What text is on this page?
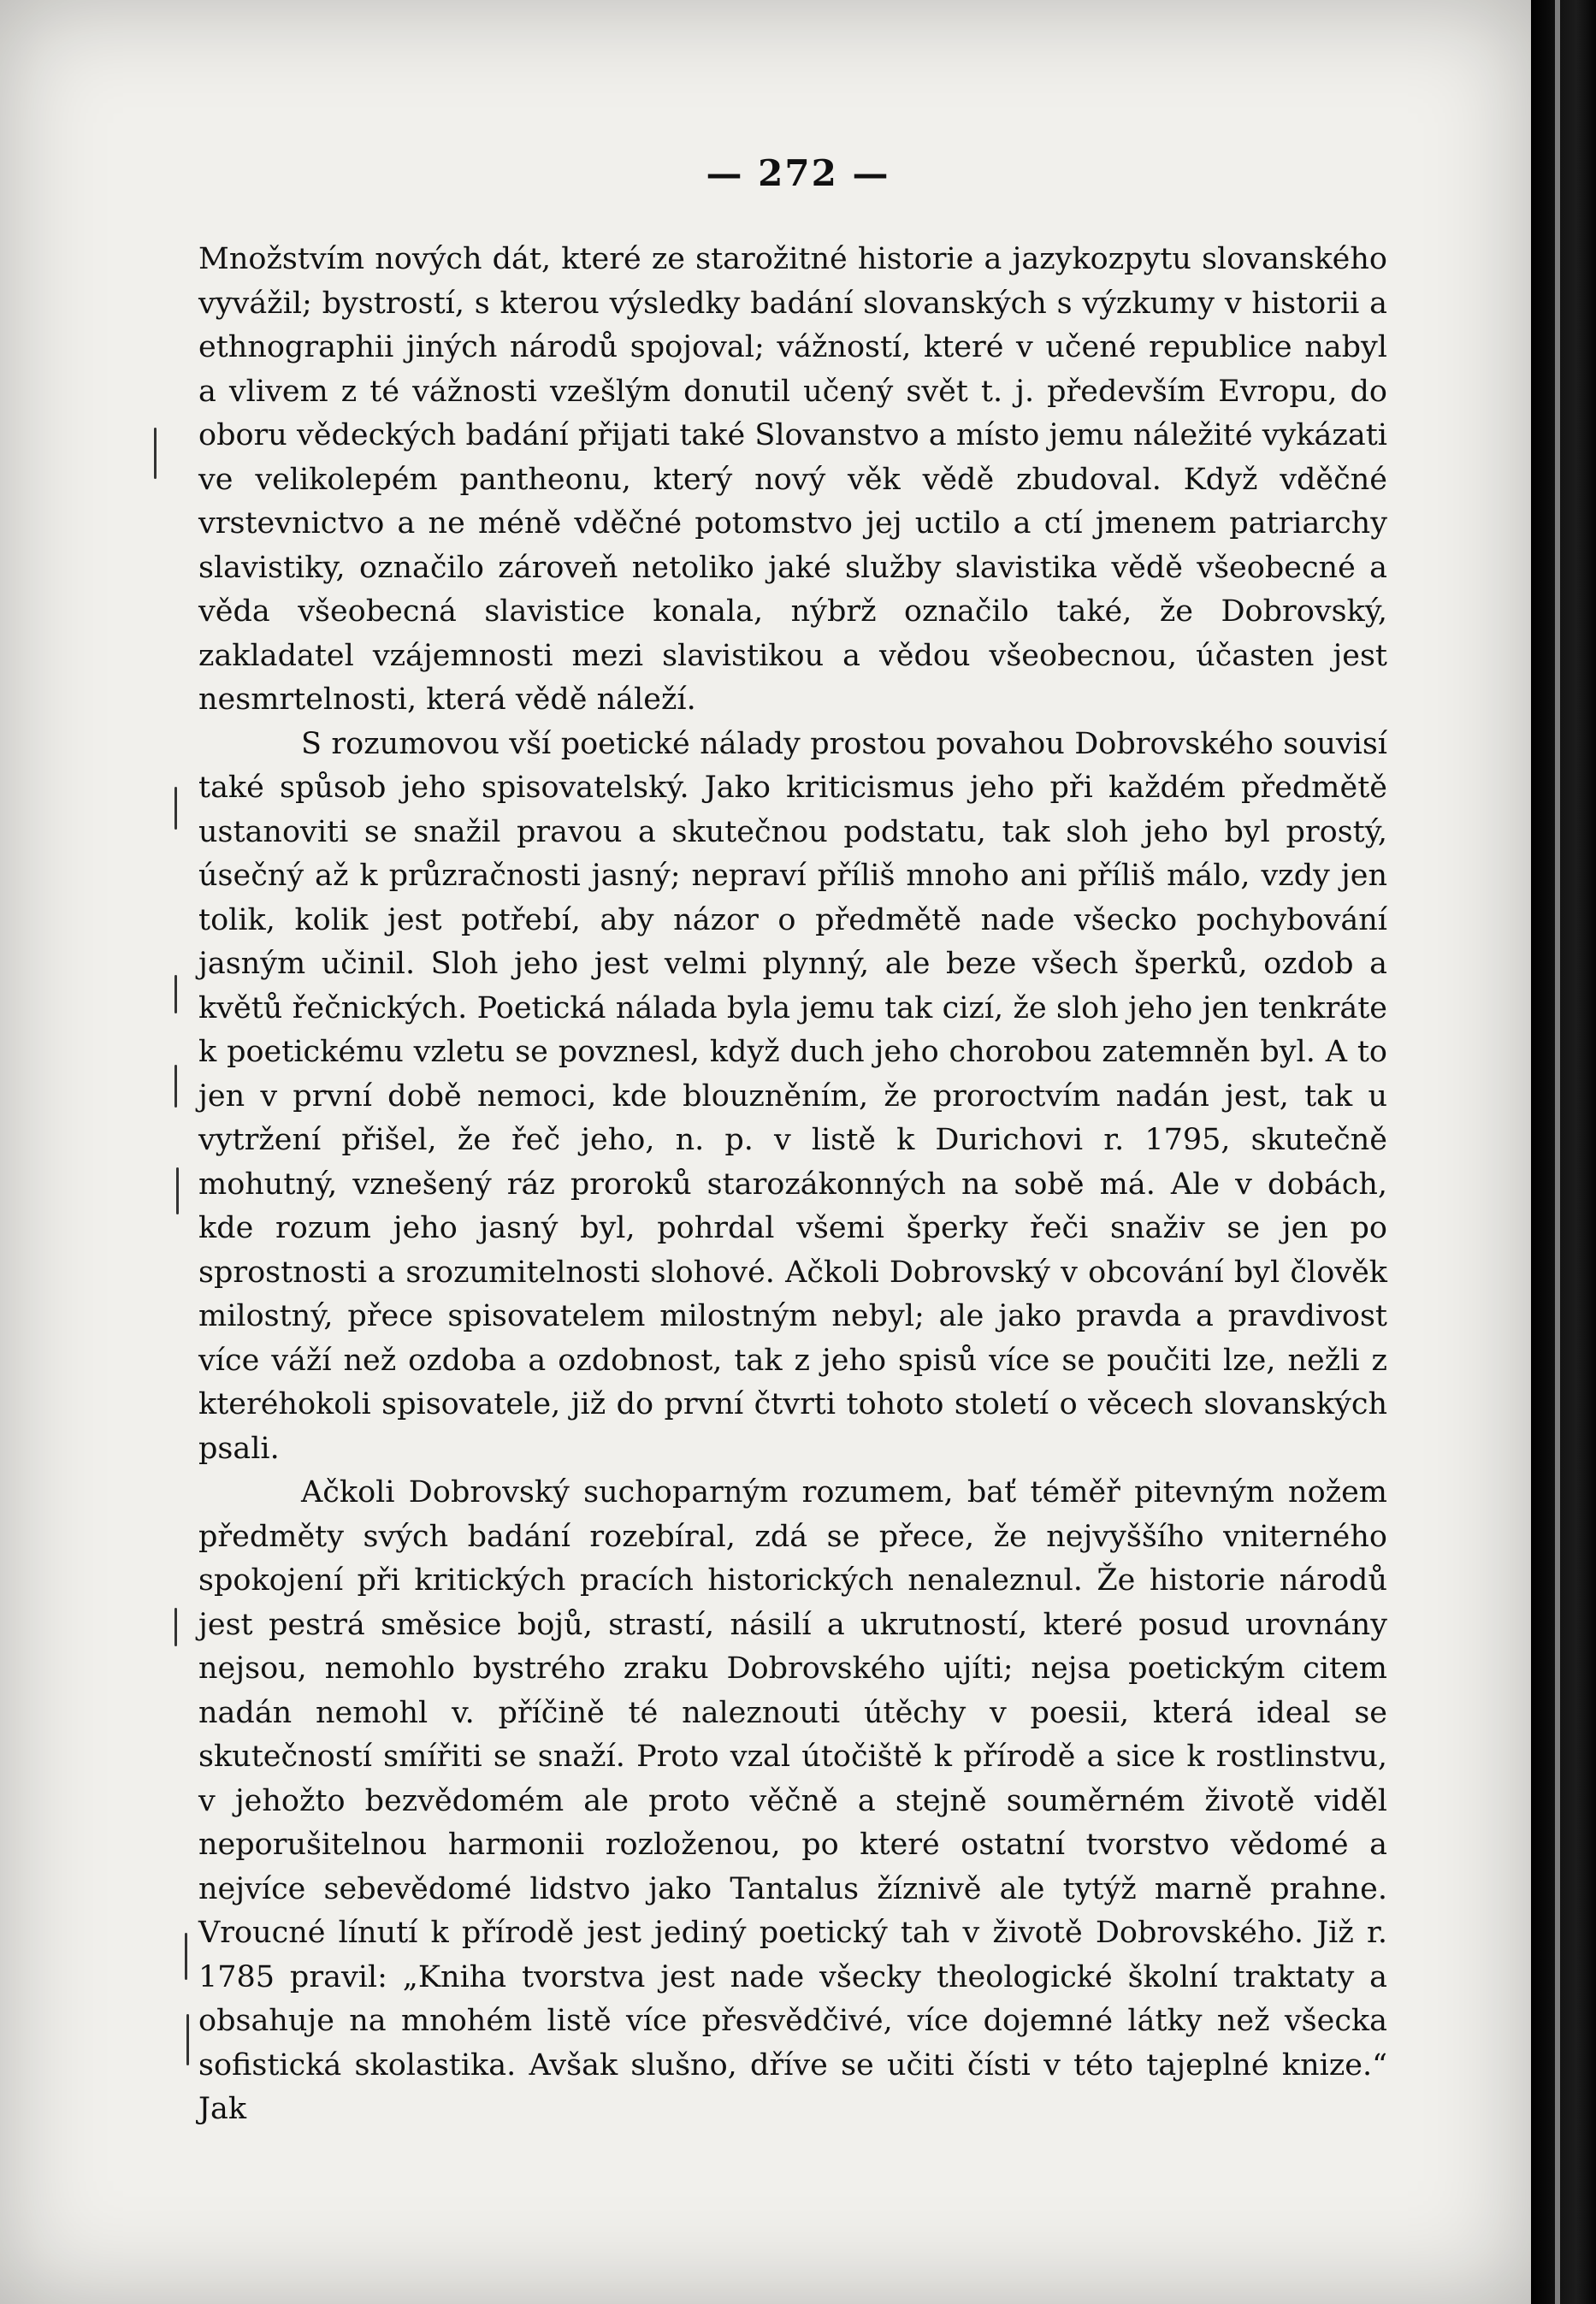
— 272 —

Množstvím nových dát, které ze starožitné historie a jazykozpytu slovanského vyvážil; bystrostí, s kterou výsledky badání slovanských s výzkumy v historii a ethnographii jiných národů spojoval; vážností, které v učené republice nabyl a vlivem z té vážnosti vzešlým donutil učený svět t. j. především Evropu, do oboru vědeckých badání přijati také Slovanstvo a místo jemu náležité vykázati ve velikolepém pantheonu, který nový věk vědě zbudoval. Když vděčné vrstevnictvo a ne méně vděčné potomstvo jej uctilo a ctí jmenem patriarchy slavistiky, označilo zároveň netoliko jaké služby slavistika vědě všeobecné a věda všeobecná slavistice konala, nýbrž označilo také, že Dobrovský, zakladatel vzájemnosti mezi slavistikou a vědou všeobecnou, účasten jest nesmrtelnosti, která vědě náleží.

S rozumovou vší poetické nálady prostou povahou Dobrovského souvisí také spůsob jeho spisovatelský. Jako kriticismus jeho při každém předmětě ustanoviti se snažil pravou a skutečnou podstatu, tak sloh jeho byl prostý, úsečný až k průzračnosti jasný; nepraví příliš mnoho ani příliš málo, vzdy jen tolik, kolik jest potřebí, aby názor o předmětě nade všecko pochybování jasným učinil. Sloh jeho jest velmi plynný, ale beze všech šperků, ozdob a květů řečnických. Poetická nálada byla jemu tak cizí, že sloh jeho jen tenkráte k poetickému vzletu se povznesl, když duch jeho chorobou zatemněn byl. A to jen v první době nemoci, kde blouzněním, že proroctvím nadán jest, tak u vytržení přišel, že řeč jeho, n. p. v listě k Durichovi r. 1795, skutečně mohutný, vznešený ráz proroků starozákonných na sobě má. Ale v dobách, kde rozum jeho jasný byl, pohrdal všemi šperky řeči snaživ se jen po sprostnosti a srozumitelnosti slohové. Ačkoli Dobrovský v obcování byl člověk milostný, přece spisovatelem milostným nebyl; ale jako pravda a pravdivost více váží než ozdoba a ozdobnost, tak z jeho spisů více se poučiti lze, nežli z kteréhokoli spisovatele, již do první čtvrti tohoto století o věcech slovanských psali.

Ačkoli Dobrovský suchoparným rozumem, bať téměř pitevným nožem předměty svých badání rozebíral, zdá se přece, že nejvyššího vniterného spokojení při kritických pracích historických nenaleznul. Že historie národů jest pestrá směsice bojů, strastí, násilí a ukrutností, které posud urovnány nejsou, nemohlo bystrého zraku Dobrovského ujíti; nejsa poetickým citem nadán nemohl v. příčině té naleznouti útěchy v poesii, která ideal se skutečností smířiti se snaží. Proto vzal útočiště k přírodě a sice k rostlinstvu, v jehožto bezvědomém ale proto věčně a stejně souměrném životě viděl neporušitelnou harmonii rozloženou, po které ostatní tvorstvo vědomé a nejvíce sebevědomé lidstvo jako Tantalus žíznivě ale tytýž marně prahne. Vroucné línutí k přírodě jest jediný poetický tah v životě Dobrovského. Již r. 1785 pravil: „Kniha tvorstva jest nade všecky theologické školní traktaty a obsahuje na mnohém listě více přesvědčivé, více dojemné látky než všecka sofistická skolastika. Avšak slušno, dříve se učiti čísti v této tajeplné knize.“ Jak
